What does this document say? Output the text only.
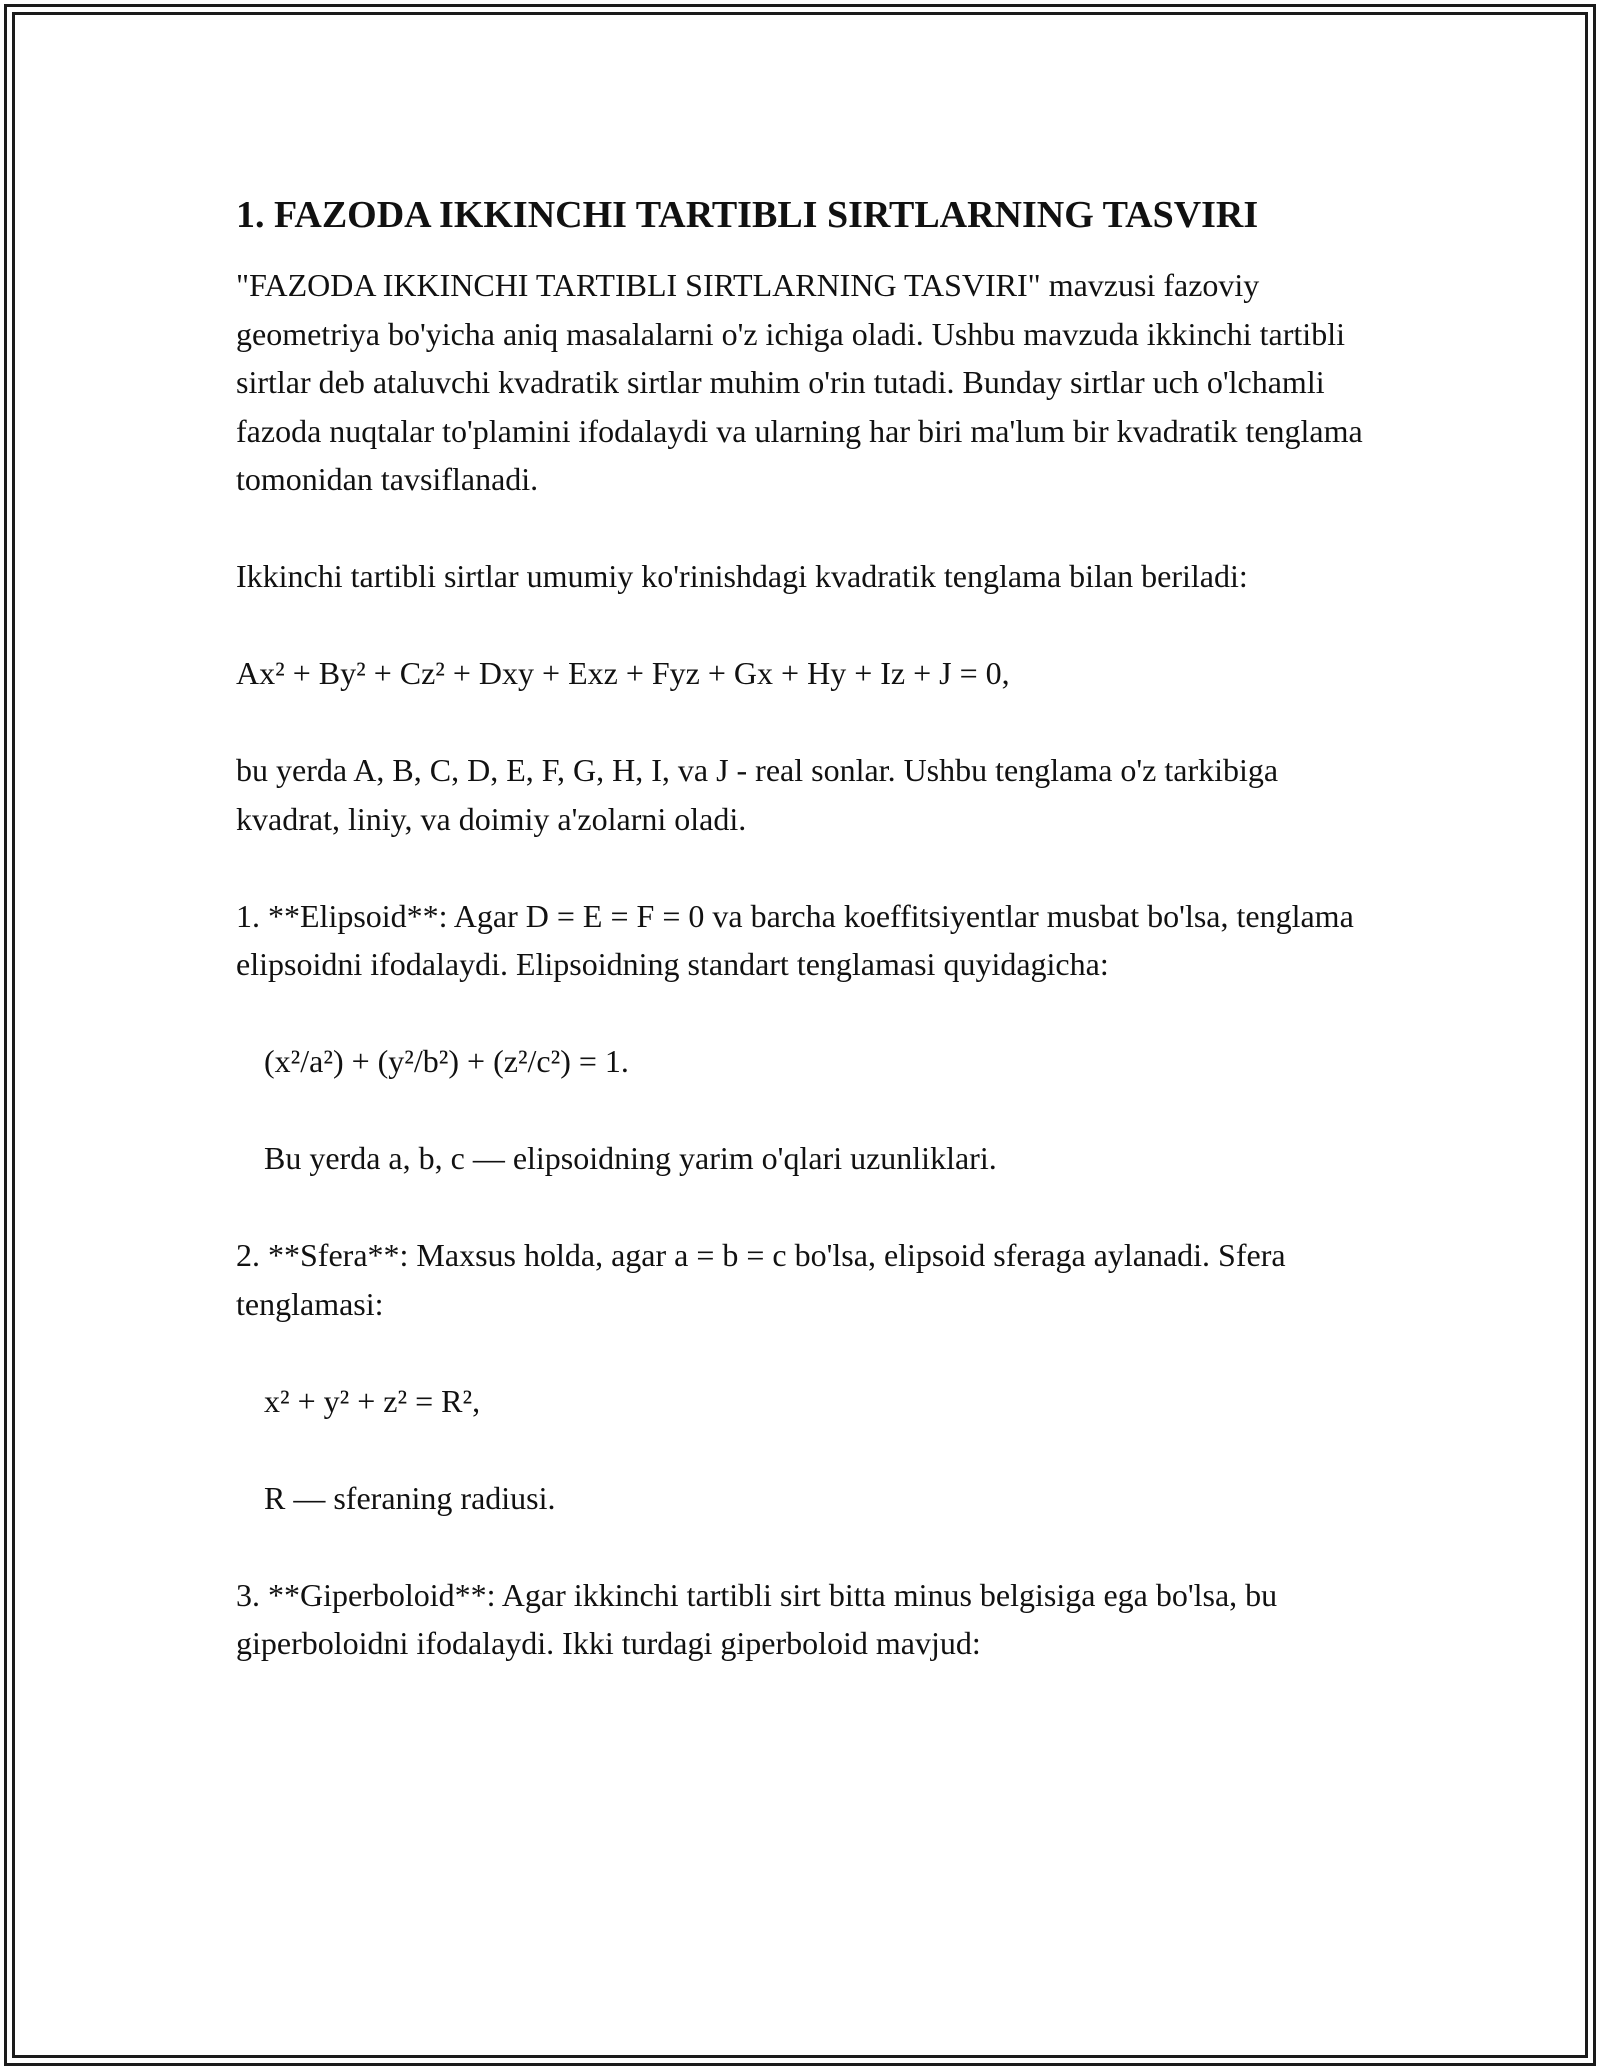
1. FAZODA IKKINCHI TARTIBLI SIRTLARNING TASVIRI

"FAZODA IKKINCHI TARTIBLI SIRTLARNING TASVIRI" mavzusi fazoviy geometriya bo'yicha aniq masalalarni o'z ichiga oladi. Ushbu mavzuda ikkinchi tartibli sirtlar deb ataluvchi kvadratik sirtlar muhim o'rin tutadi. Bunday sirtlar uch o'lchamli fazoda nuqtalar to'plamini ifodalaydi va ularning har biri ma'lum bir kvadratik tenglama tomonidan tavsiflanadi.

Ikkinchi tartibli sirtlar umumiy ko'rinishdagi kvadratik tenglama bilan beriladi:

Ax² + By² + Cz² + Dxy + Exz + Fyz + Gx + Hy + Iz + J = 0,

bu yerda A, B, C, D, E, F, G, H, I, va J - real sonlar. Ushbu tenglama o'z tarkibiga kvadrat, liniy, va doimiy a'zolarni oladi.

1. **Elipsoid**: Agar D = E = F = 0 va barcha koeffitsiyentlar musbat bo'lsa, tenglama elipsoidni ifodalaydi. Elipsoidning standart tenglamasi quyidagicha:

(x²/a²) + (y²/b²) + (z²/c²) = 1.

Bu yerda a, b, c — elipsoidning yarim o'qlari uzunliklari.

2. **Sfera**: Maxsus holda, agar a = b = c bo'lsa, elipsoid sferaga aylanadi. Sfera tenglamasi:

x² + y² + z² = R²,

R — sferaning radiusi.

3. **Giperboloid**: Agar ikkinchi tartibli sirt bitta minus belgisiga ega bo'lsa, bu giperboloidni ifodalaydi. Ikki turdagi giperboloid mavjud:
